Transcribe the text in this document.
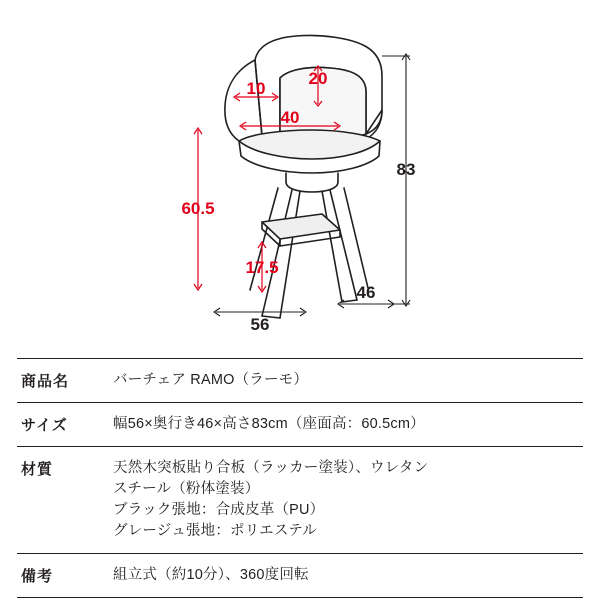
20
10
40
60.5
17.5
83
56
46
商品名	バーチェア RAMO（ラーモ）

サイズ	幅56×奥行き46×高さ83cm（座面高：60.5cm）

材質	天然木突板貼り合板（ラッカー塗装）、ウレタン
スチール（粉体塗装）
ブラック張地：合成皮革（PU）
グレージュ張地：ポリエステル

備考	組立式（約10分）、360度回転
